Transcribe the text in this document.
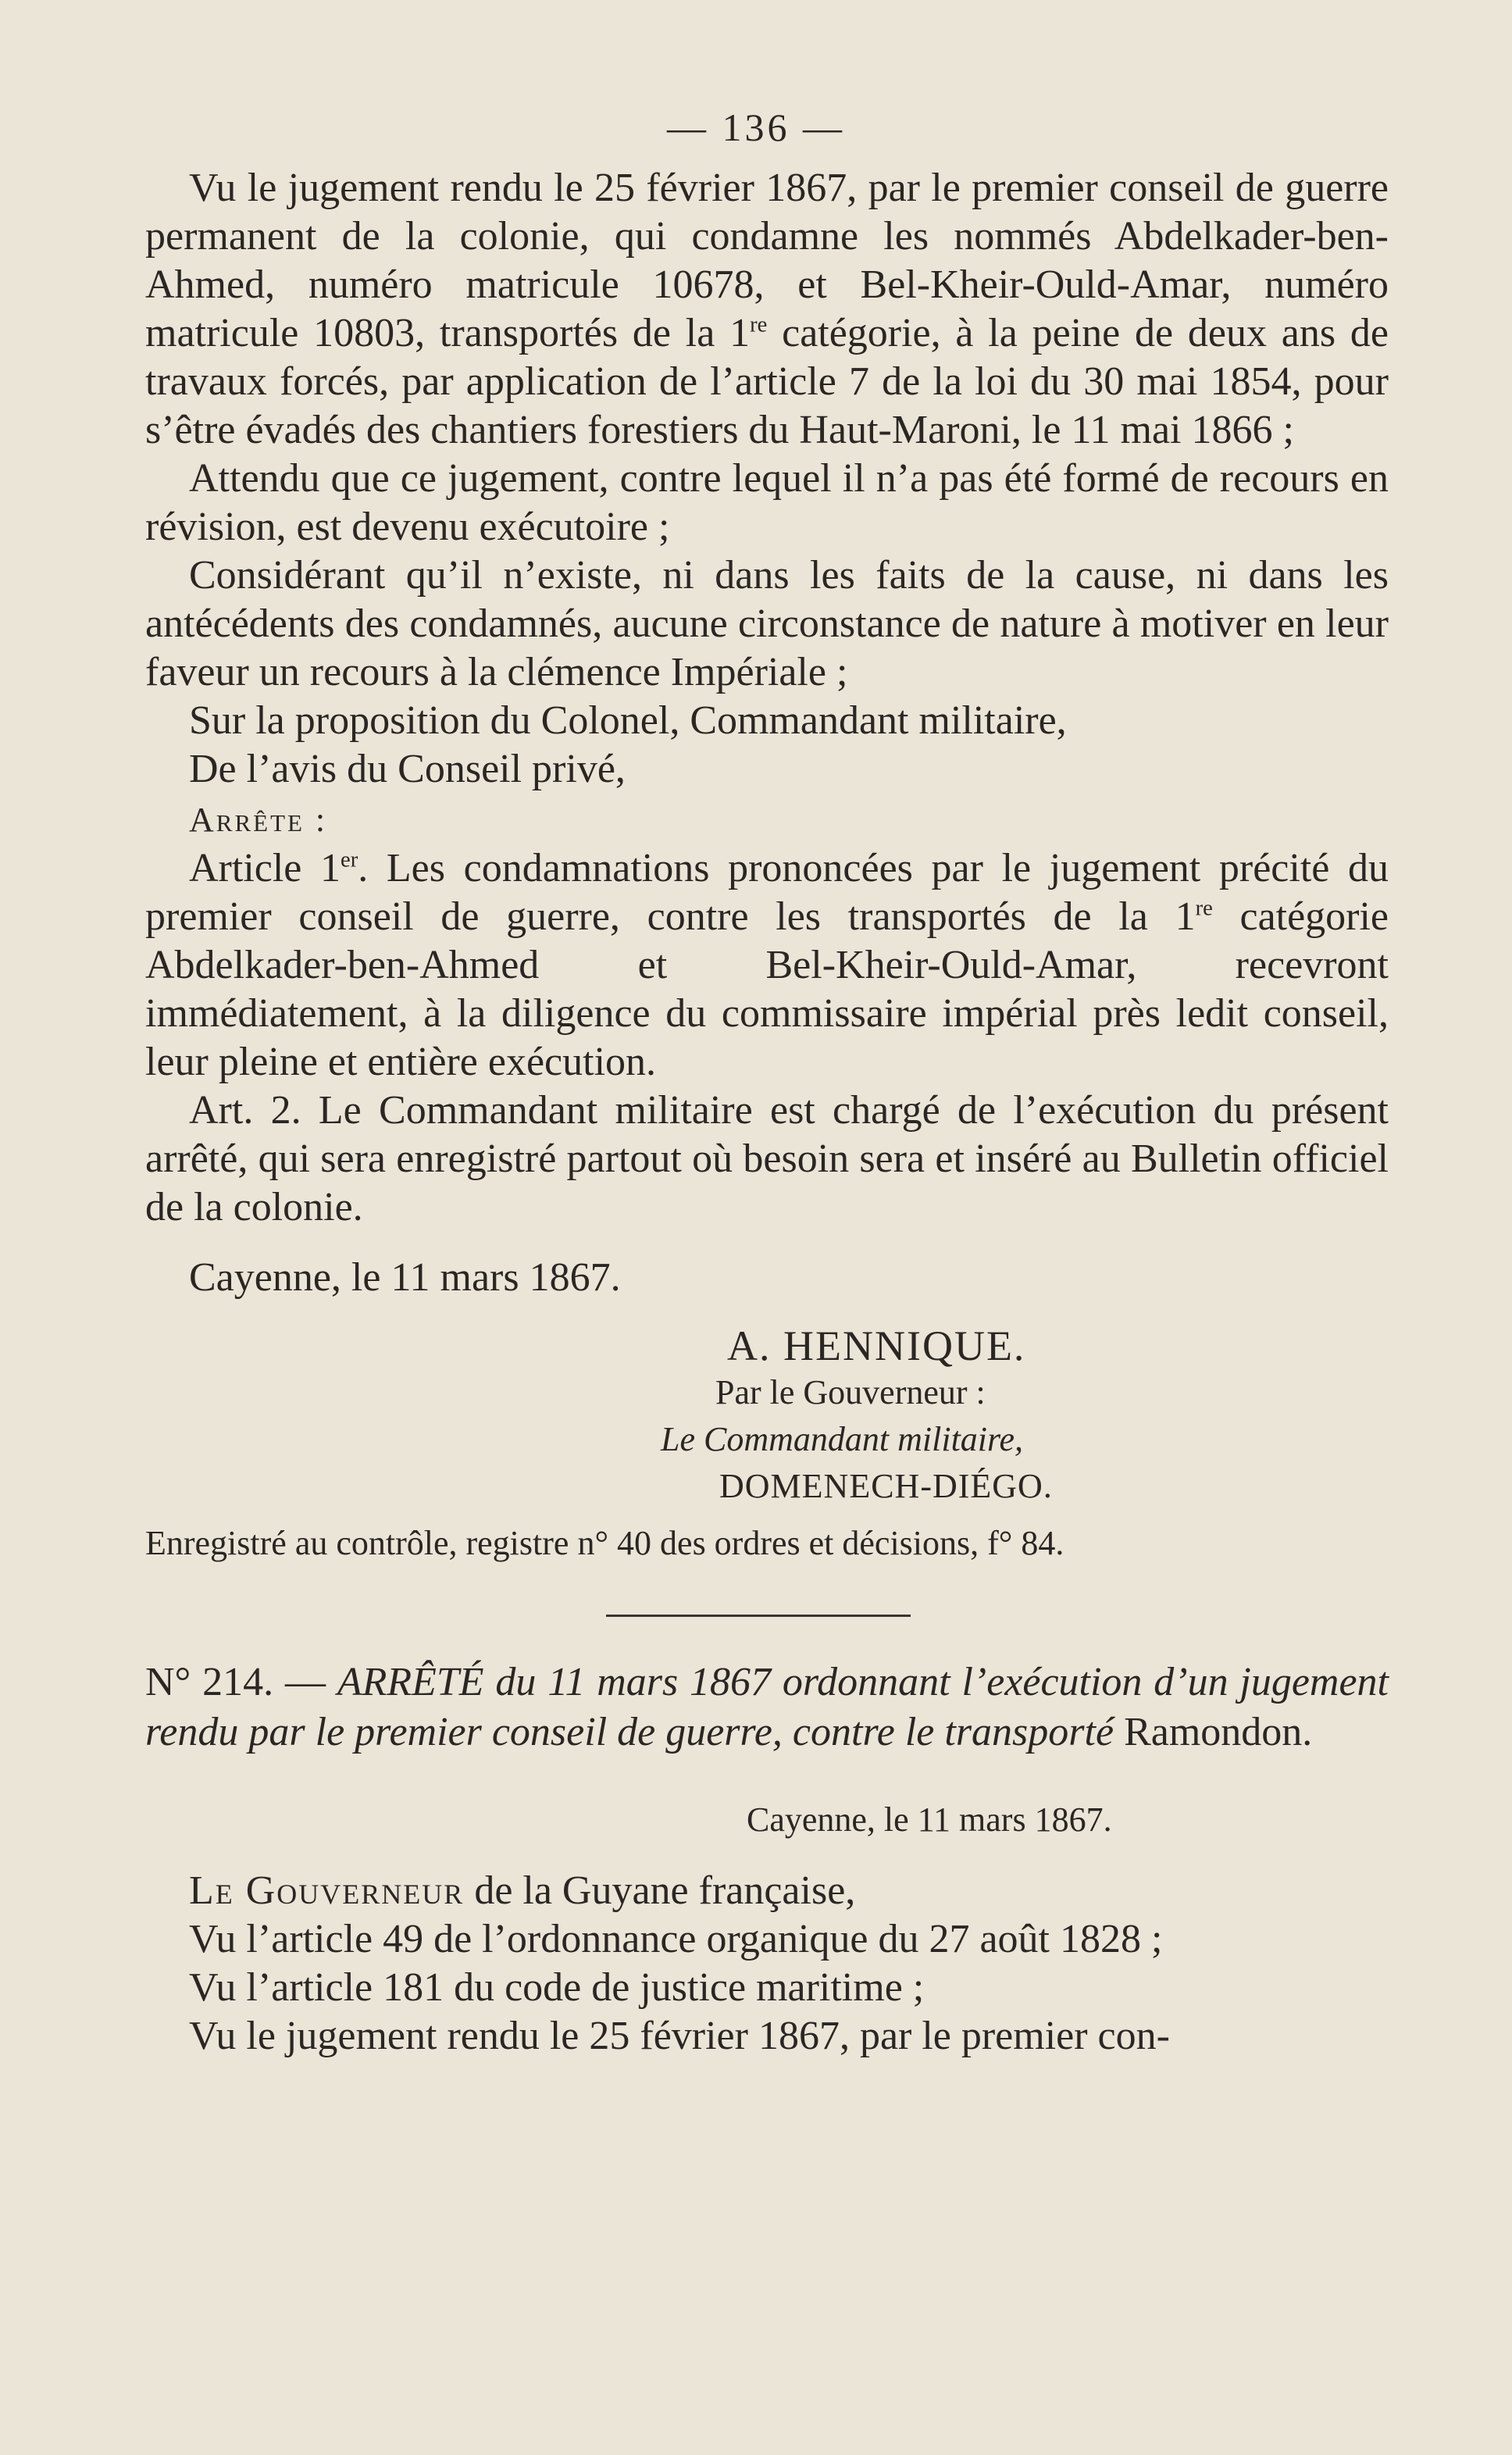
— 136 —

Vu le jugement rendu le 25 février 1867, par le premier conseil de guerre permanent de la colonie, qui condamne les nommés Abdelkader-ben-Ahmed, numéro matricule 10678, et Bel-Kheir-Ould-Amar, numéro matricule 10803, transportés de la 1re catégorie, à la peine de deux ans de travaux forcés, par application de l’article 7 de la loi du 30 mai 1854, pour s’être évadés des chantiers forestiers du Haut-Maroni, le 11 mai 1866 ;

Attendu que ce jugement, contre lequel il n’a pas été formé de recours en révision, est devenu exécutoire ;

Considérant qu’il n’existe, ni dans les faits de la cause, ni dans les antécédents des condamnés, aucune circonstance de nature à motiver en leur faveur un recours à la clémence Impériale ;

Sur la proposition du Colonel, Commandant militaire,

De l’avis du Conseil privé,

Arrête :

Article 1er. Les condamnations prononcées par le jugement précité du premier conseil de guerre, contre les transportés de la 1re catégorie Abdelkader-ben-Ahmed et Bel-Kheir-Ould-Amar, recevront immédiatement, à la diligence du commissaire impérial près ledit conseil, leur pleine et entière exécution.

Art. 2. Le Commandant militaire est chargé de l’exécution du présent arrêté, qui sera enregistré partout où besoin sera et inséré au Bulletin officiel de la colonie.

Cayenne, le 11 mars 1867.
A. HENNIQUE.
Par le Gouverneur :
Le Commandant militaire,
DOMENECH-DIÉGO.
Enregistré au contrôle, registre n° 40 des ordres et décisions, f° 84.

N° 214. — ARRÊTÉ du 11 mars 1867 ordonnant l’exécution d’un jugement rendu par le premier conseil de guerre, contre le transporté Ramondon.

Cayenne, le 11 mars 1867.

Le Gouverneur de la Guyane française,

Vu l’article 49 de l’ordonnance organique du 27 août 1828 ;

Vu l’article 181 du code de justice maritime ;

Vu le jugement rendu le 25 février 1867, par le premier con-
